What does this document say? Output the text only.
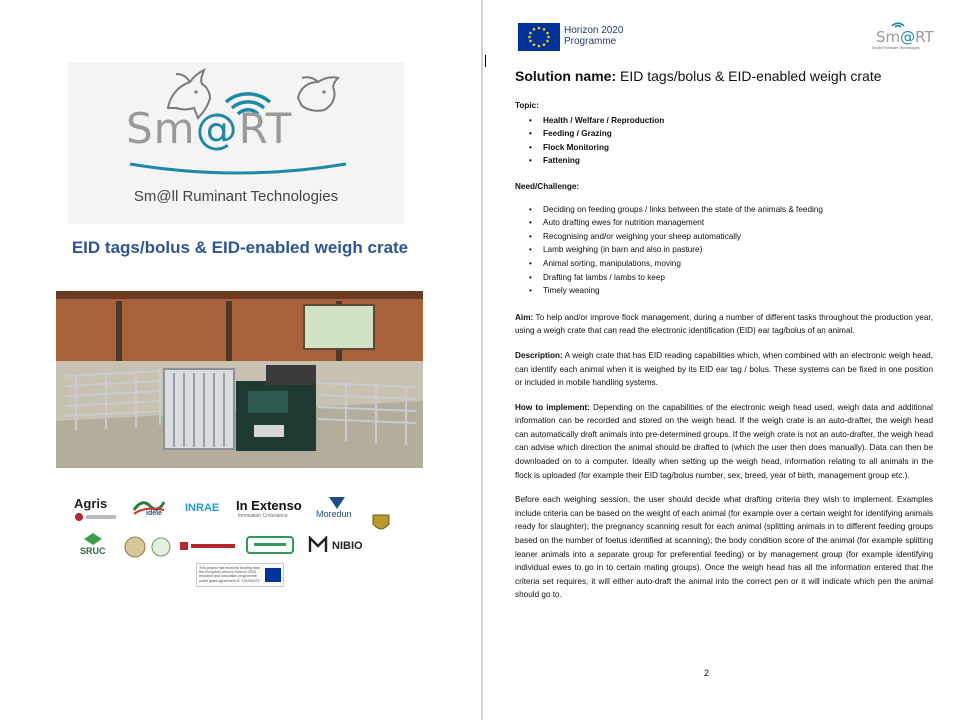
Sm@RT
Sm@ll Ruminant Technologies
EID tags/bolus & EID-enabled weigh crate
Agris
idele INRAE In Extenso
Innovation Croissance	Moredun
SRUC	NIBIO
This project has received funding from the European Union's Horizon 2020 research and innovation programme under grant agreement N° 101000471
Horizon 2020
Programme	Sm@RT
Sm@ll Ruminant Technologies
Solution name: EID tags/bolus & EID-enabled weigh crate
Topic:
• Health / Welfare / Reproduction
• Feeding / Grazing
• Flock Monitoring
• Fattening
Need/Challenge:
• Deciding on feeding groups / links between the state of the animals & feeding
• Auto drafting ewes for nutrition management
• Recognising and/or weighing your sheep automatically
• Lamb weighing (in barn and also in pasture)
• Animal sorting, manipulations, moving
• Drafting fat lambs / lambs to keep
• Timely weaning

Aim: To help and/or improve flock management, during a number of different tasks throughout the production year, using a weigh crate that can read the electronic identification (EID) ear tag/bolus of an animal.

Description: A weigh crate that has EID reading capabilities which, when combined with an electronic weigh head, can identify each animal when it is weighed by its EID ear tag / bolus. These systems can be fixed in one position or included in mobile handling systems.

How to implement: Depending on the capabilities of the electronic weigh head used, weigh data and additional information can be recorded and stored on the weigh head. If the weigh crate is an auto-drafter, the weigh head can automatically draft animals into pre-determined groups. If the weigh crate is not an auto-drafter, the weigh head can advise which direction the animal should be drafted to (which the user then does manually). Data can then be downloaded on to a computer. Ideally when setting up the weigh head, information relating to all animals in the flock is uploaded (for example their EID tag/bolus number, sex, breed, year of birth, management group etc.).

Before each weighing session, the user should decide what drafting criteria they wish to implement. Examples include criteria can be based on the weight of each animal (for example over a certain weight for identifying animals ready for slaughter); the pregnancy scanning result for each animal (splitting animals in to different feeding groups based on the number of foetus identified at scanning); the body condition score of the animal (for example splitting leaner animals into a separate group for preferential feeding) or by management group (for example identifying individual ewes to go in to certain mating groups). Once the weigh head has all the information entered that the criteria set requires, it will either auto-draft the animal into the correct pen or it will indicate which pen the animal should go to.

2
